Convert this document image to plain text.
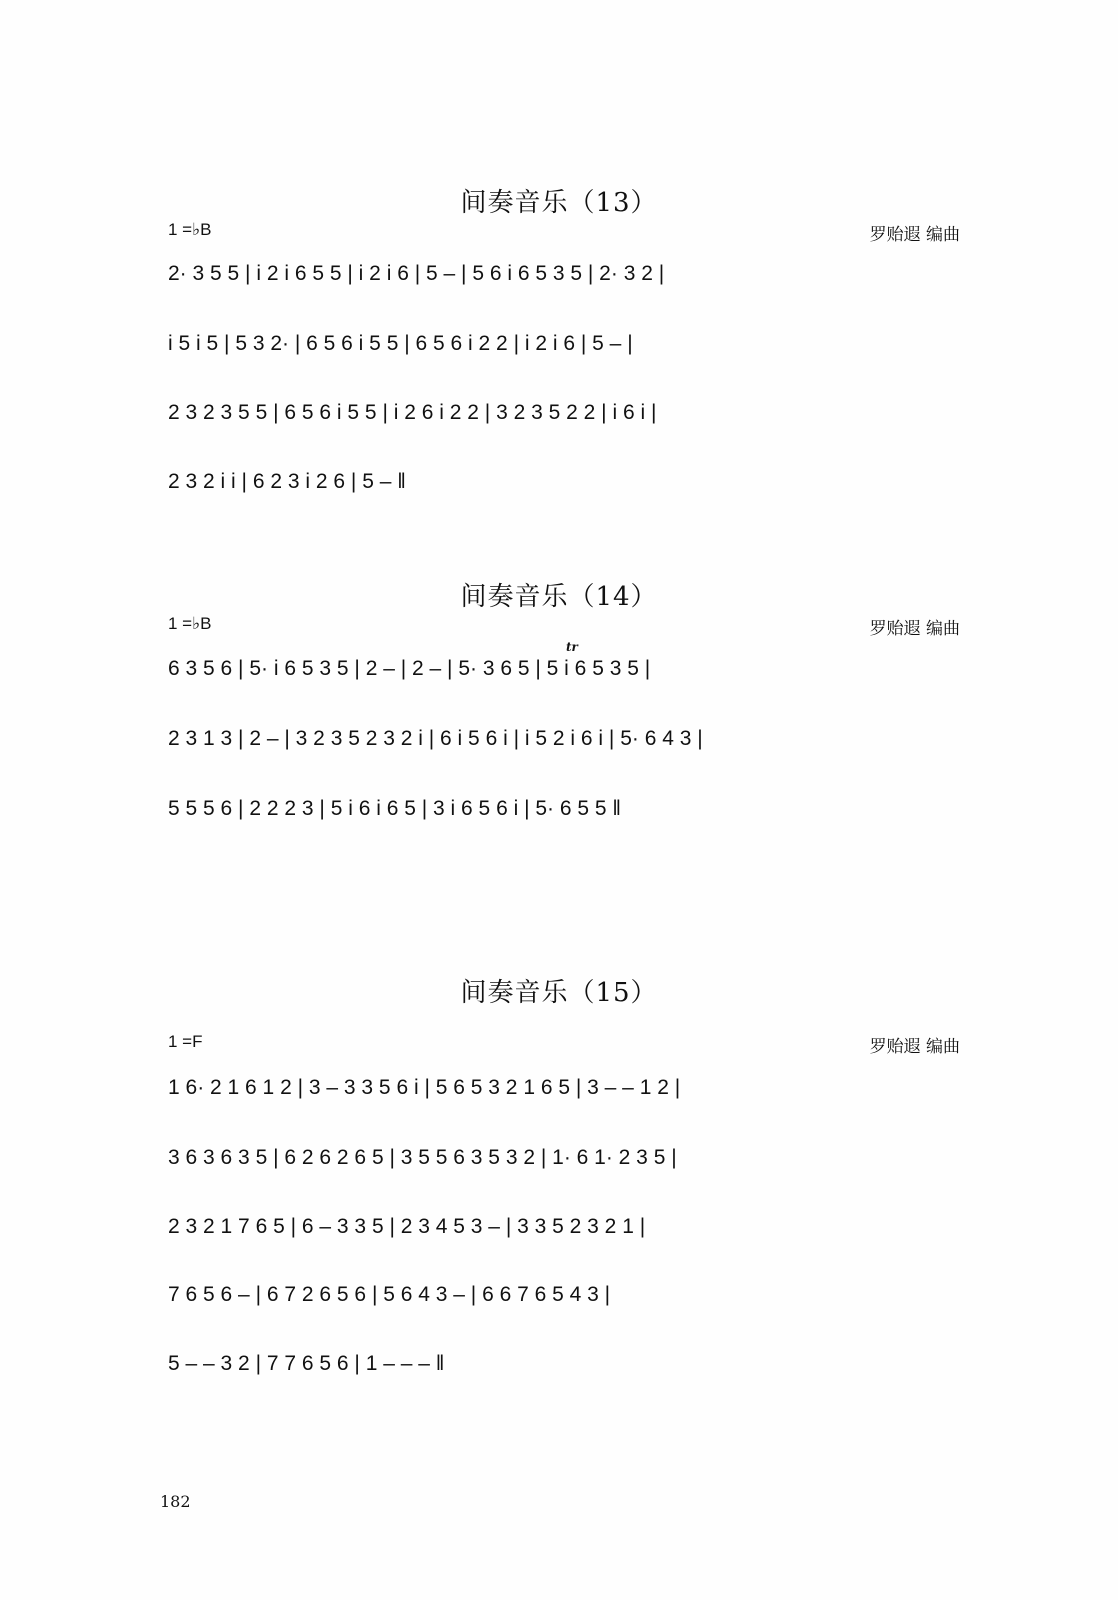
间奏音乐（13）
1 =♭B	罗贻遐 编曲
2· 3 5 5 | i 2 i 6 5 5 | i 2 i 6 | 5 – | 5 6 i 6 5 3 5 | 2· 3 2 |
i 5 i 5 | 5 3 2· | 6 5 6 i 5 5 | 6 5 6 i 2 2 | i 2 i 6 | 5 – |
2 3 2 3 5 5 | 6 5 6 i 5 5 | i 2 6 i 2 2 | 3 2 3 5 2 2 | i 6 i |
2 3 2 i i | 6 2 3 i 2 6 | 5 – ‖
间奏音乐（14）
1 =♭B	罗贻遐 编曲
tr
6 3 5 6 | 5· i 6 5 3 5 | 2 – | 2 – | 5· 3 6 5 | 5 i 6 5 3 5 |
2 3 1 3 | 2 – | 3 2 3 5 2 3 2 i | 6 i 5 6 i | i 5 2 i 6 i | 5· 6 4 3 |
5 5 5 6 | 2 2 2 3 | 5 i 6 i 6 5 | 3 i 6 5 6 i | 5· 6 5 5 ‖
间奏音乐（15）
1 =F	罗贻遐 编曲
1 6· 2 1 6 1 2 | 3 – 3 3 5 6 i | 5 6 5 3 2 1 6 5 | 3 – – 1 2 |
3 6 3 6 3 5 | 6 2 6 2 6 5 | 3 5 5 6 3 5 3 2 | 1· 6 1· 2 3 5 |
2 3 2 1 7 6 5 | 6 – 3 3 5 | 2 3 4 5 3 – | 3 3 5 2 3 2 1 |
7 6 5 6 – | 6 7 2 6 5 6 | 5 6 4 3 – | 6 6 7 6 5 4 3 |
5 – – 3 2 | 7 7 6 5 6 | 1 – – – ‖
182
